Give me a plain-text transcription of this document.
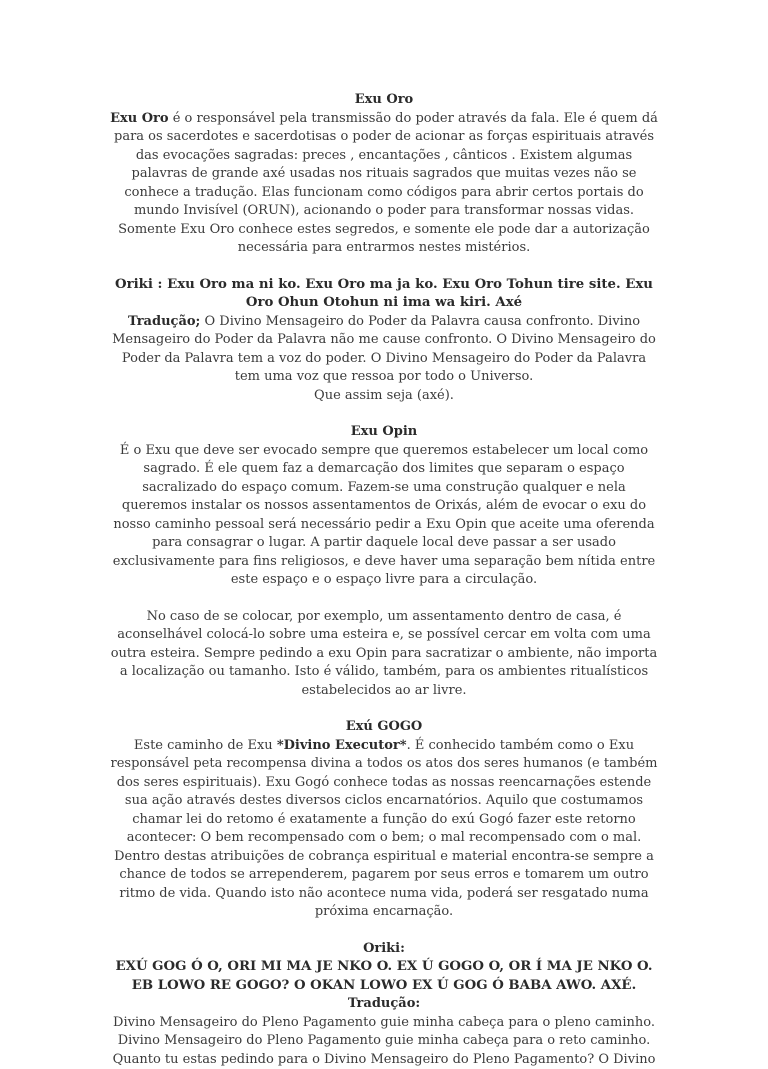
Exu Oro
Exu Oro é o responsável pela transmissão do poder através da fala. Ele é quem dá para os sacerdotes e sacerdotisas o poder de acionar as forças espirituais através das evocações sagradas: preces , encantações , cânticos . Existem algumas palavras de grande axé usadas nos rituais sagrados que muitas vezes não se conhece a tradução. Elas funcionam como códigos para abrir certos portais do mundo Invisível (ORUN), acionando o poder para transformar nossas vidas. Somente Exu Oro conhece estes segredos, e somente ele pode dar a autorização necessária para entrarmos nestes mistérios.
Oriki : Exu Oro ma ni ko. Exu Oro ma ja ko. Exu Oro Tohun tire site. Exu Oro Ohun Otohun ni ima wa kiri. Axé
Tradução; O Divino Mensageiro do Poder da Palavra causa confronto. Divino Mensageiro do Poder da Palavra não me cause confronto. O Divino Mensageiro do Poder da Palavra tem a voz do poder. O Divino Mensageiro do Poder da Palavra tem uma voz que ressoa por todo o Universo.
Que assim seja (axé).
Exu Opin
É o Exu que deve ser evocado sempre que queremos estabelecer um local como sagrado. É ele quem faz a demarcação dos limites que separam o espaço sacralizado do espaço comum. Fazem-se uma construção qualquer e nela queremos instalar os nossos assentamentos de Orixás, além de evocar o exu do nosso caminho pessoal será necessário pedir a Exu Opin que aceite uma oferenda para consagrar o lugar. A partir daquele local deve passar a ser usado exclusivamente para fins religiosos, e deve haver uma separação bem nítida entre este espaço e o espaço livre para a circulação.
No caso de se colocar, por exemplo, um assentamento dentro de casa, é aconselhável colocá-lo sobre uma esteira e, se possível cercar em volta com uma outra esteira. Sempre pedindo a exu Opin para sacratizar o ambiente, não importa a localização ou tamanho. Isto é válido, também, para os ambientes ritualísticos estabelecidos ao ar livre.
Exú GOGO
Este caminho de Exu *Divino Executor*. É conhecido também como o Exu responsável peta recompensa divina a todos os atos dos seres humanos (e também dos seres espirituais). Exu Gogó conhece todas as nossas reencarnações estende sua ação através destes diversos ciclos encarnatórios. Aquilo que costumamos chamar lei do retomo é exatamente a função do exú Gogó fazer este retorno acontecer: O bem recompensado com o bem; o mal recompensado com o mal. Dentro destas atribuições de cobrança espiritual e material encontra-se sempre a chance de todos se arrependerem, pagarem por seus erros e tomarem um outro ritmo de vida. Quando isto não acontece numa vida, poderá ser resgatado numa próxima encarnação.
Oriki:
EXÚ GOG Ó O, ORI MI MA JE NKO O. EX Ú GOGO O, OR Í MA JE NKO O. EB LOWO RE GOGO? O OKAN LOWO EX Ú GOG Ó BABA AWO. AXÉ.
Tradução:
Divino Mensageiro do Pleno Pagamento guie minha cabeça para o pleno caminho.
Divino Mensageiro do Pleno Pagamento guie minha cabeça para o reto caminho.
Quanto tu estas pedindo para o Divino Mensageiro do Pleno Pagamento? O Divino
